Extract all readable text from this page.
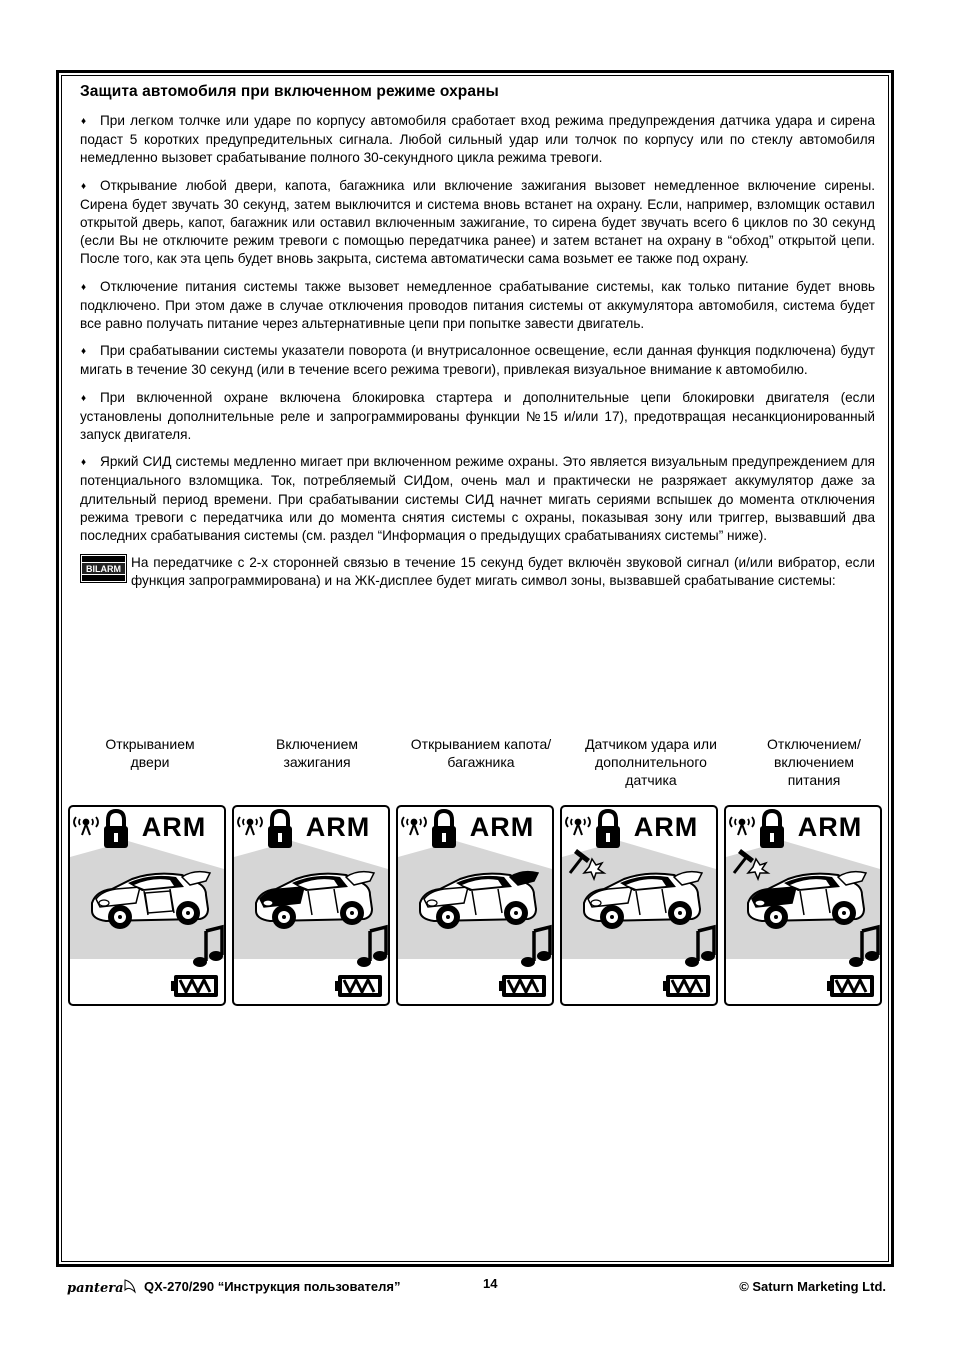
Защита автомобиля при включенном режиме охраны

♦ При легком толчке или ударе по корпусу автомобиля сработает вход режима предупреждения датчика удара и сирена подаст 5 коротких предупредительных сигнала. Любой сильный удар или толчок по корпусу или по стеклу автомобиля немедленно вызовет срабатывание полного 30-секундного цикла режима тревоги.

♦ Открывание любой двери, капота, багажника или включение зажигания вызовет немедленное включение сирены. Сирена будет звучать 30 секунд, затем выключится и система вновь встанет на охрану. Если, например, взломщик оставил открытой дверь, капот, багажник или оставил включенным зажигание, то сирена будет звучать всего 6 циклов по 30 секунд (если Вы не отключите режим тревоги с помощью передатчика ранее) и затем встанет на охрану в “обход” открытой цепи. После того, как эта цепь будет вновь закрыта, система автоматически сама возьмет ее также под охрану.

♦ Отключение питания системы также вызовет немедленное срабатывание системы, как только питание будет вновь подключено. При этом даже в случае отключения проводов питания системы от аккумулятора автомобиля, система будет все равно получать питание через альтернативные цепи при попытке завести двигатель.

♦ При срабатывании системы указатели поворота (и внутрисалонное освещение, если данная функция подключена) будут мигать в течение 30 секунд (или в течение всего режима тревоги), привлекая визуальное внимание к автомобилю.

♦ При включенной охране включена блокировка стартера и дополнительные цепи блокировки двигателя (если установлены дополнительные реле и запрограммированы функции №15 и/или 17), предотвращая несанкционированный запуск двигателя.

♦ Яркий СИД системы медленно мигает при включенном режиме охраны. Это является визуальным предупреждением для потенциального взломщика. Ток, потребляемый СИДом, очень мал и практически не разряжает аккумулятор даже за длительный период времени. При срабатывании системы СИД начнет мигать сериями вспышек до момента отключения режима тревоги с передатчика или до момента снятия системы с охраны, показывая зону или триггер, вызвавший два последних срабатывания системы (см. раздел “Информация о предыдущих срабатываниях системы” ниже).

BILARM На передатчике с 2-х сторонней связью в течение 15 секунд будет включён звуковой сигнал (и/или вибратор, если функция запрограммирована) и на ЖК-дисплее будет мигать символ зоны, вызвавшей срабатывание системы:

Открыванием
двери
Включением
зажигания
Открыванием капота/
багажника
Датчиком удара или
дополнительного
датчика
Отключением/
включением
питания
ARM	ARM	ARM	ARM	ARM
pantera QX-270/290 “Инструкция пользователя”	14	© Saturn Marketing Ltd.
